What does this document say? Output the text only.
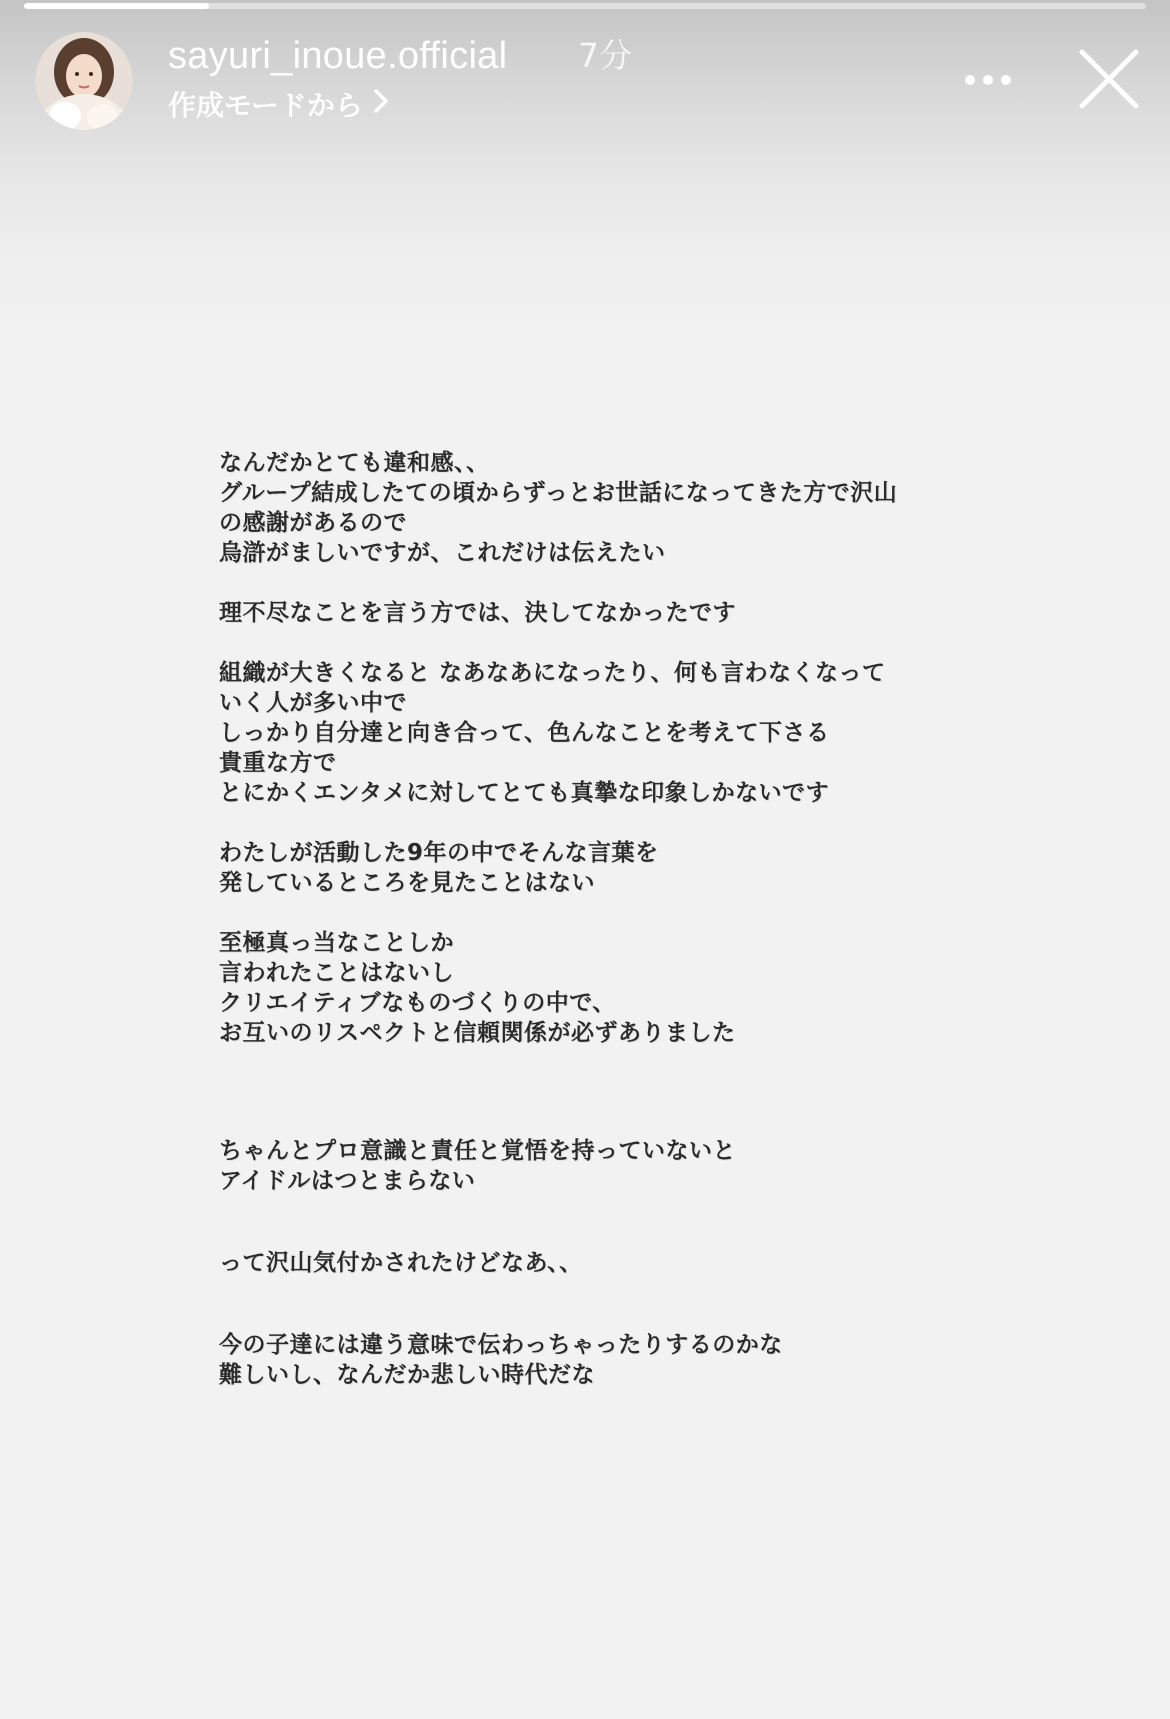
sayuri_inoue.official 7分
作成モードから
なんだかとても違和感、、
グループ結成したての頃からずっとお世話になってきた方で沢山
の感謝があるので
烏滸がましいですが、これだけは伝えたい
理不尽なことを言う方では、決してなかったです
組織が大きくなると なあなあになったり、何も言わなくなって
いく人が多い中で
しっかり自分達と向き合って、色んなことを考えて下さる
貴重な方で
とにかくエンタメに対してとても真摯な印象しかないです
わたしが活動した9年の中でそんな言葉を
発しているところを見たことはない
至極真っ当なことしか
言われたことはないし
クリエイティブなものづくりの中で、
お互いのリスペクトと信頼関係が必ずありました
ちゃんとプロ意識と責任と覚悟を持っていないと
アイドルはつとまらない
って沢山気付かされたけどなあ、、
今の子達には違う意味で伝わっちゃったりするのかな
難しいし、なんだか悲しい時代だな
